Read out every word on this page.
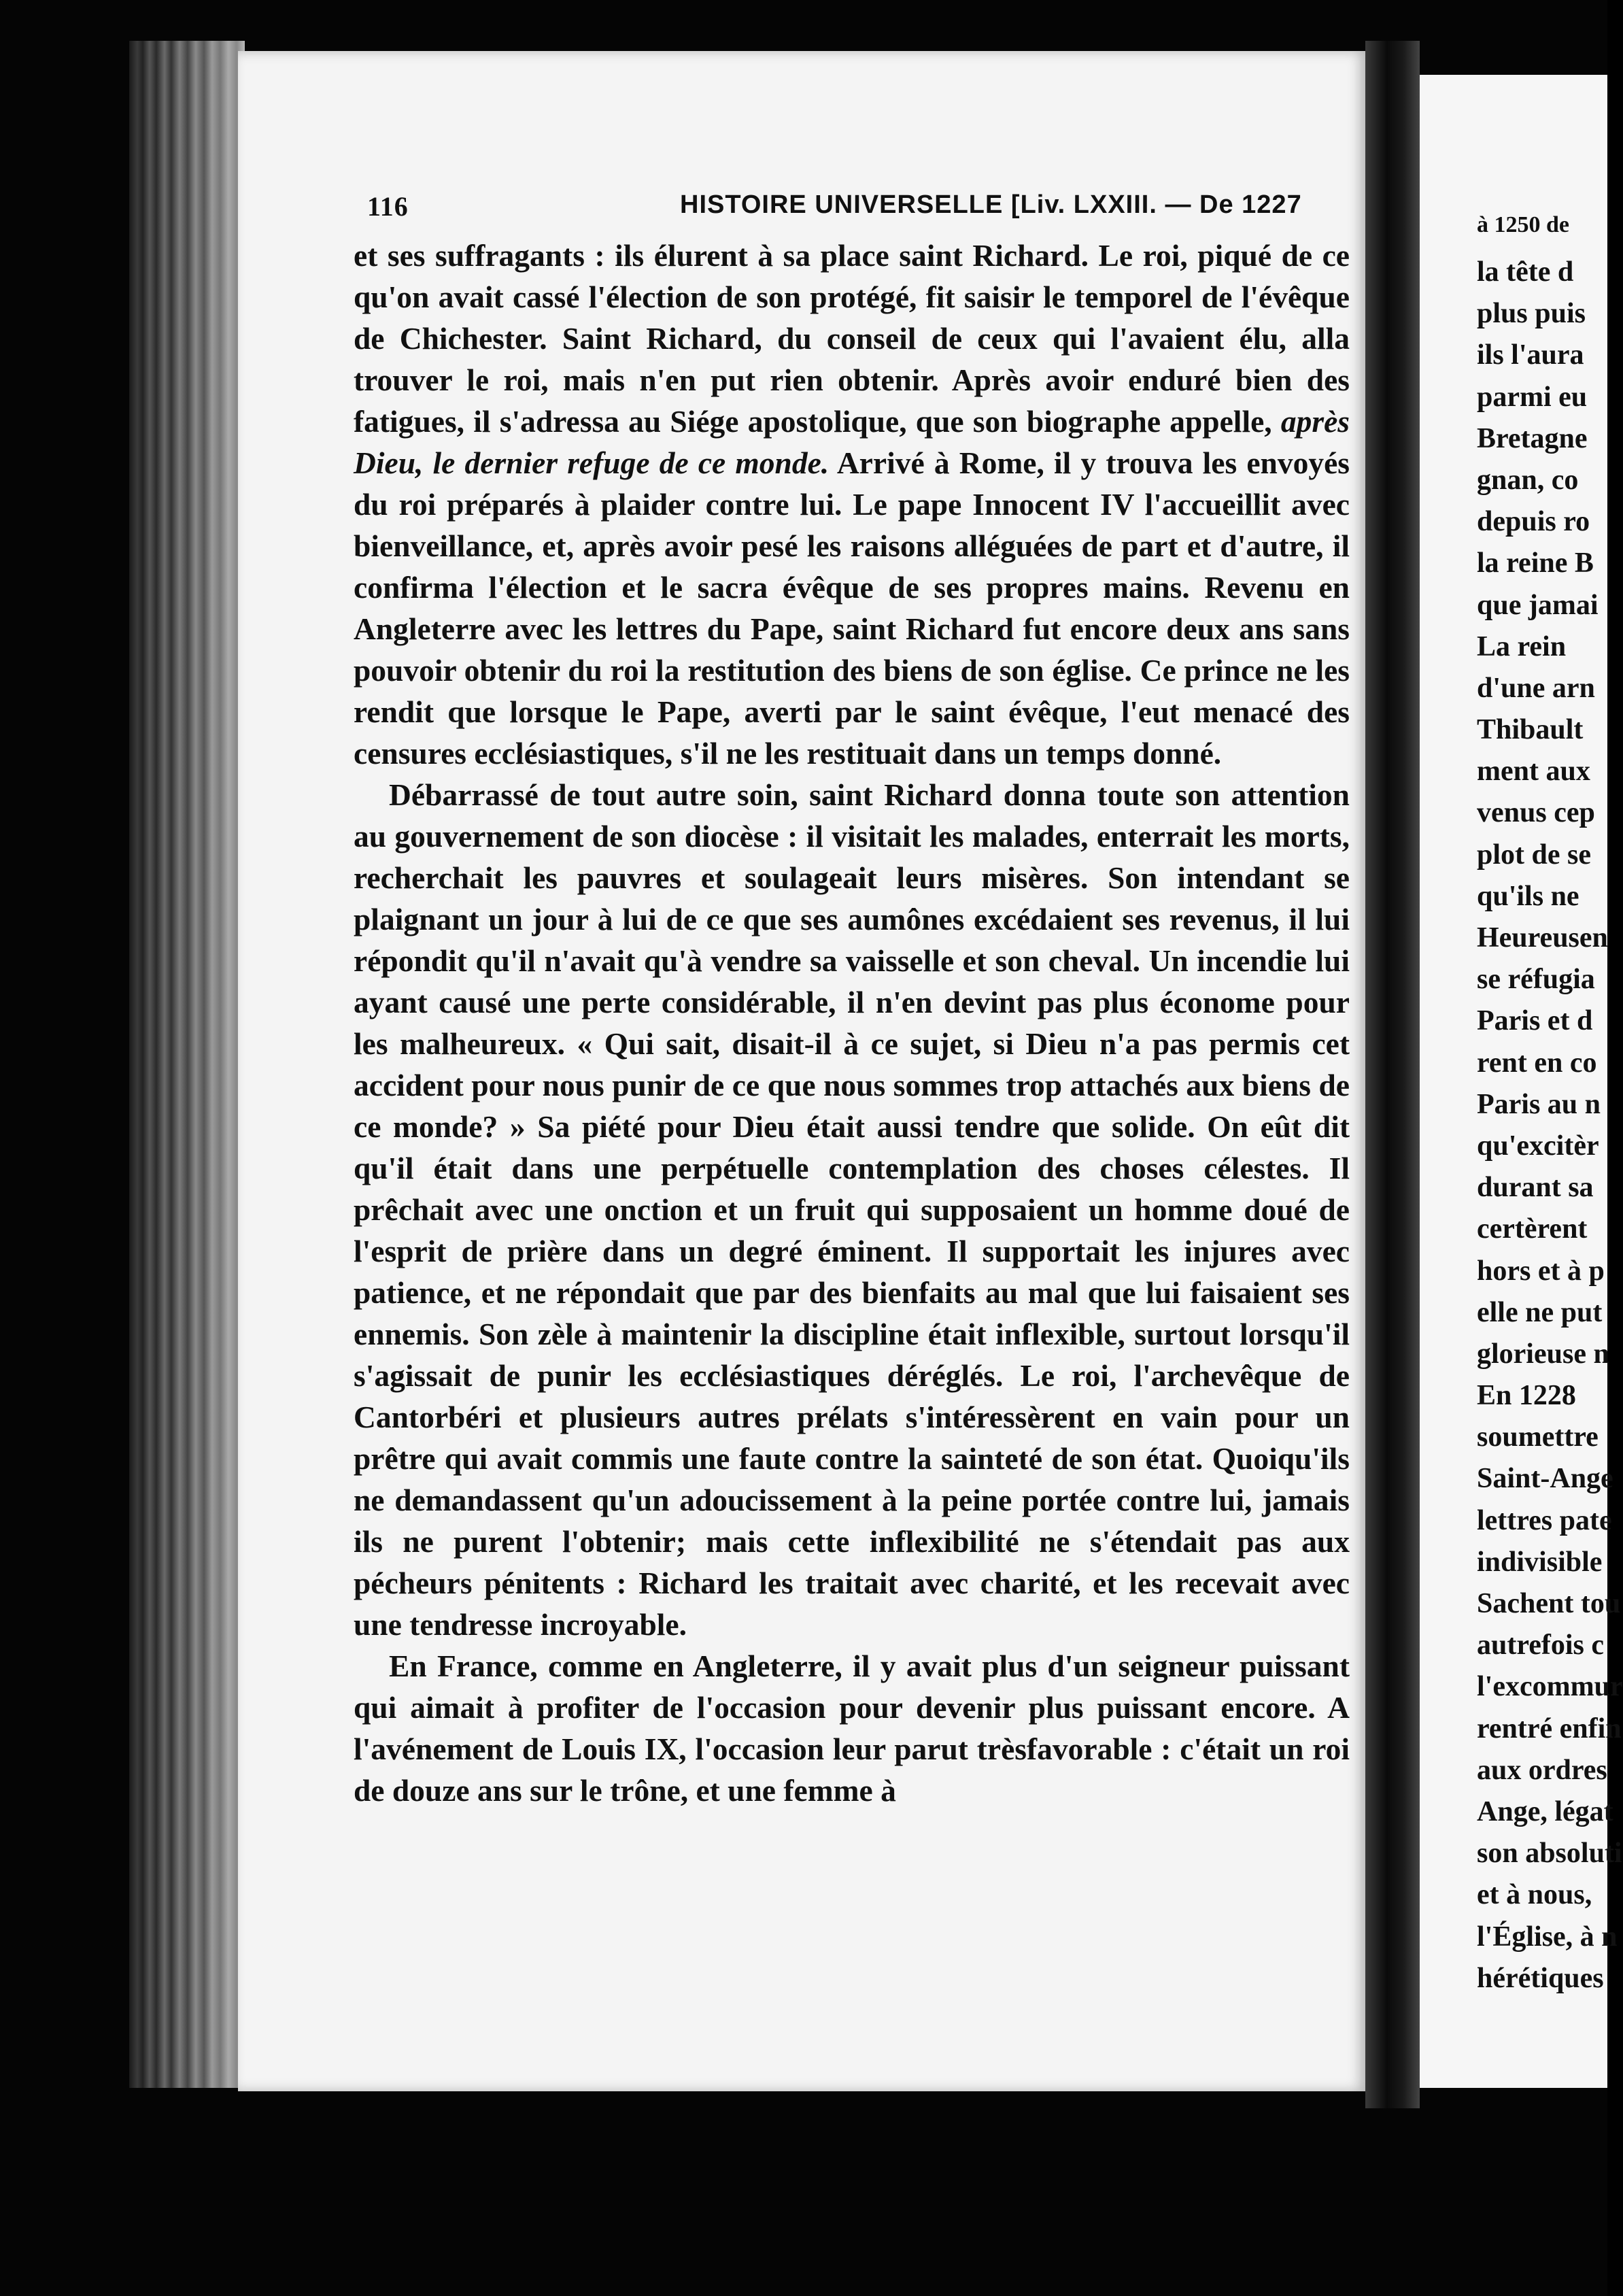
116	HISTOIRE UNIVERSELLE [Liv. LXXIII. — De 1227

et ses suffragants : ils élurent à sa place saint Richard. Le roi, piqué de ce qu'on avait cassé l'élection de son protégé, fit saisir le temporel de l'évêque de Chichester. Saint Richard, du conseil de ceux qui l'avaient élu, alla trouver le roi, mais n'en put rien obtenir. Après avoir enduré bien des fatigues, il s'adressa au Siége apostolique, que son biographe appelle, après Dieu, le dernier refuge de ce monde. Arrivé à Rome, il y trouva les envoyés du roi préparés à plaider contre lui. Le pape Innocent IV l'accueillit avec bienveillance, et, après avoir pesé les raisons alléguées de part et d'autre, il confirma l'élection et le sacra évêque de ses propres mains. Revenu en Angleterre avec les lettres du Pape, saint Richard fut encore deux ans sans pouvoir obtenir du roi la restitution des biens de son église. Ce prince ne les rendit que lorsque le Pape, averti par le saint évêque, l'eut menacé des censures ecclésiastiques, s'il ne les restituait dans un temps donné.

Débarrassé de tout autre soin, saint Richard donna toute son attention au gouvernement de son diocèse : il visitait les malades, enterrait les morts, recherchait les pauvres et soulageait leurs misères. Son intendant se plaignant un jour à lui de ce que ses aumônes excédaient ses revenus, il lui répondit qu'il n'avait qu'à vendre sa vaisselle et son cheval. Un incendie lui ayant causé une perte considérable, il n'en devint pas plus économe pour les malheureux. « Qui sait, disait-il à ce sujet, si Dieu n'a pas permis cet accident pour nous punir de ce que nous sommes trop attachés aux biens de ce monde? » Sa piété pour Dieu était aussi tendre que solide. On eût dit qu'il était dans une perpétuelle contemplation des choses célestes. Il prêchait avec une onction et un fruit qui supposaient un homme doué de l'esprit de prière dans un degré éminent. Il supportait les injures avec patience, et ne répondait que par des bienfaits au mal que lui faisaient ses ennemis. Son zèle à maintenir la discipline était inflexible, surtout lorsqu'il s'agissait de punir les ecclésiastiques déréglés. Le roi, l'archevêque de Cantorbéri et plusieurs autres prélats s'intéressèrent en vain pour un prêtre qui avait commis une faute contre la sainteté de son état. Quoiqu'ils ne demandassent qu'un adoucissement à la peine portée contre lui, jamais ils ne purent l'obtenir; mais cette inflexibilité ne s'étendait pas aux pécheurs pénitents : Richard les traitait avec charité, et les recevait avec une tendresse incroyable.

En France, comme en Angleterre, il y avait plus d'un seigneur puissant qui aimait à profiter de l'occasion pour devenir plus puissant encore. A l'avénement de Louis IX, l'occasion leur parut trèsfavorable : c'était un roi de douze ans sur le trône, et une femme à

à 1250 de
la tête d
plus puis
ils l'aura
parmi eu
Bretagne
gnan, co
depuis ro
la reine B
que jamai
La rein
d'une arn
Thibault
ment aux
venus cep
plot de se
qu'ils ne
Heureusen
se réfugia
Paris et d
rent en co
Paris au n
qu'excitèr
durant sa
certèrent
hors et à p
elle ne put
glorieuse n
En 1228
soumettre
Saint-Ange
lettres pate
indivisible
Sachent tou
autrefois c
l'excommur
rentré enfin
aux ordres
Ange, légat
son absoluti
et à nous,
l'Église, à n
hérétiques
